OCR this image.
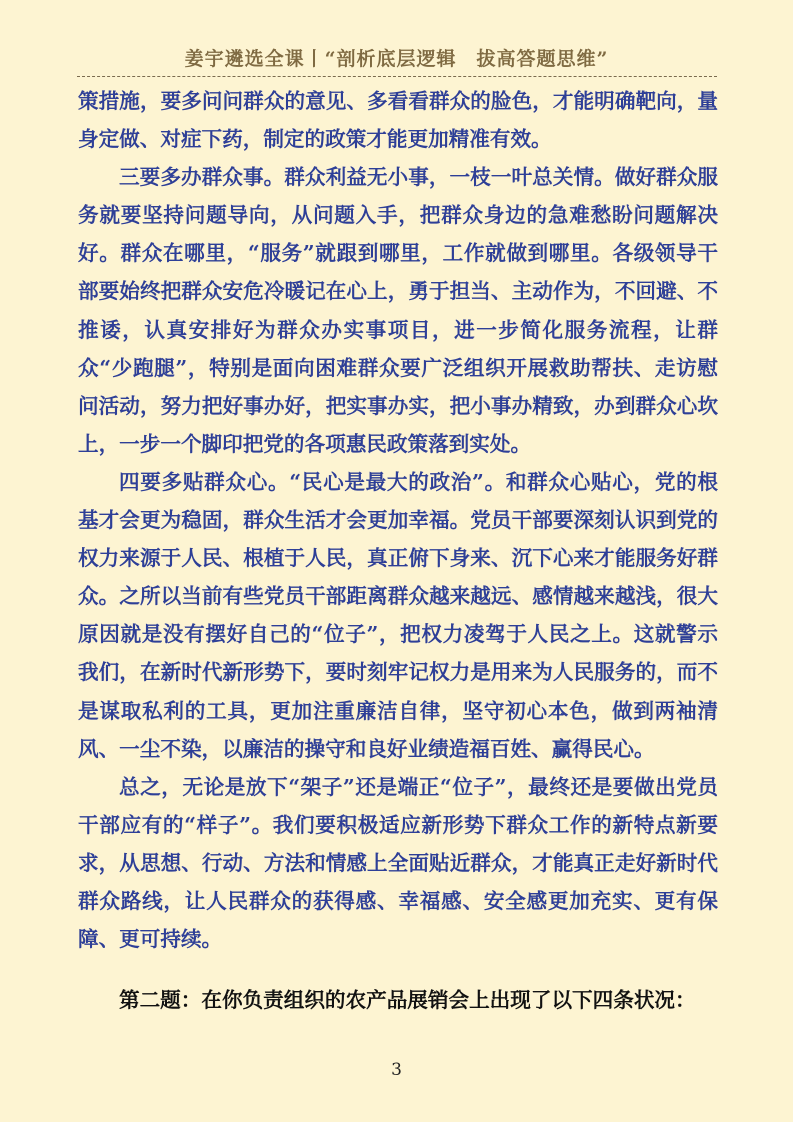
姜宇遴选全课丨“剖析底层逻辑　拔高答题思维”

策措施，要多问问群众的意见、多看看群众的脸色，才能明确靶向，量身定做、对症下药，制定的政策才能更加精准有效。

三要多办群众事。群众利益无小事，一枝一叶总关情。做好群众服务就要坚持问题导向，从问题入手，把群众身边的急难愁盼问题解决好。群众在哪里，“服务”就跟到哪里，工作就做到哪里。各级领导干部要始终把群众安危冷暖记在心上，勇于担当、主动作为，不回避、不推诿，认真安排好为群众办实事项目，进一步简化服务流程，让群众“少跑腿”，特别是面向困难群众要广泛组织开展救助帮扶、走访慰问活动，努力把好事办好，把实事办实，把小事办精致，办到群众心坎上，一步一个脚印把党的各项惠民政策落到实处。

四要多贴群众心。“民心是最大的政治”。和群众心贴心，党的根基才会更为稳固，群众生活才会更加幸福。党员干部要深刻认识到党的权力来源于人民、根植于人民，真正俯下身来、沉下心来才能服务好群众。之所以当前有些党员干部距离群众越来越远、感情越来越浅，很大原因就是没有摆好自己的“位子”，把权力凌驾于人民之上。这就警示我们，在新时代新形势下，要时刻牢记权力是用来为人民服务的，而不是谋取私利的工具，更加注重廉洁自律，坚守初心本色，做到两袖清风、一尘不染，以廉洁的操守和良好业绩造福百姓、赢得民心。

总之，无论是放下“架子”还是端正“位子”，最终还是要做出党员干部应有的“样子”。我们要积极适应新形势下群众工作的新特点新要求，从思想、行动、方法和情感上全面贴近群众，才能真正走好新时代群众路线，让人民群众的获得感、幸福感、安全感更加充实、更有保障、更可持续。

第二题：在你负责组织的农产品展销会上出现了以下四条状况：
3
